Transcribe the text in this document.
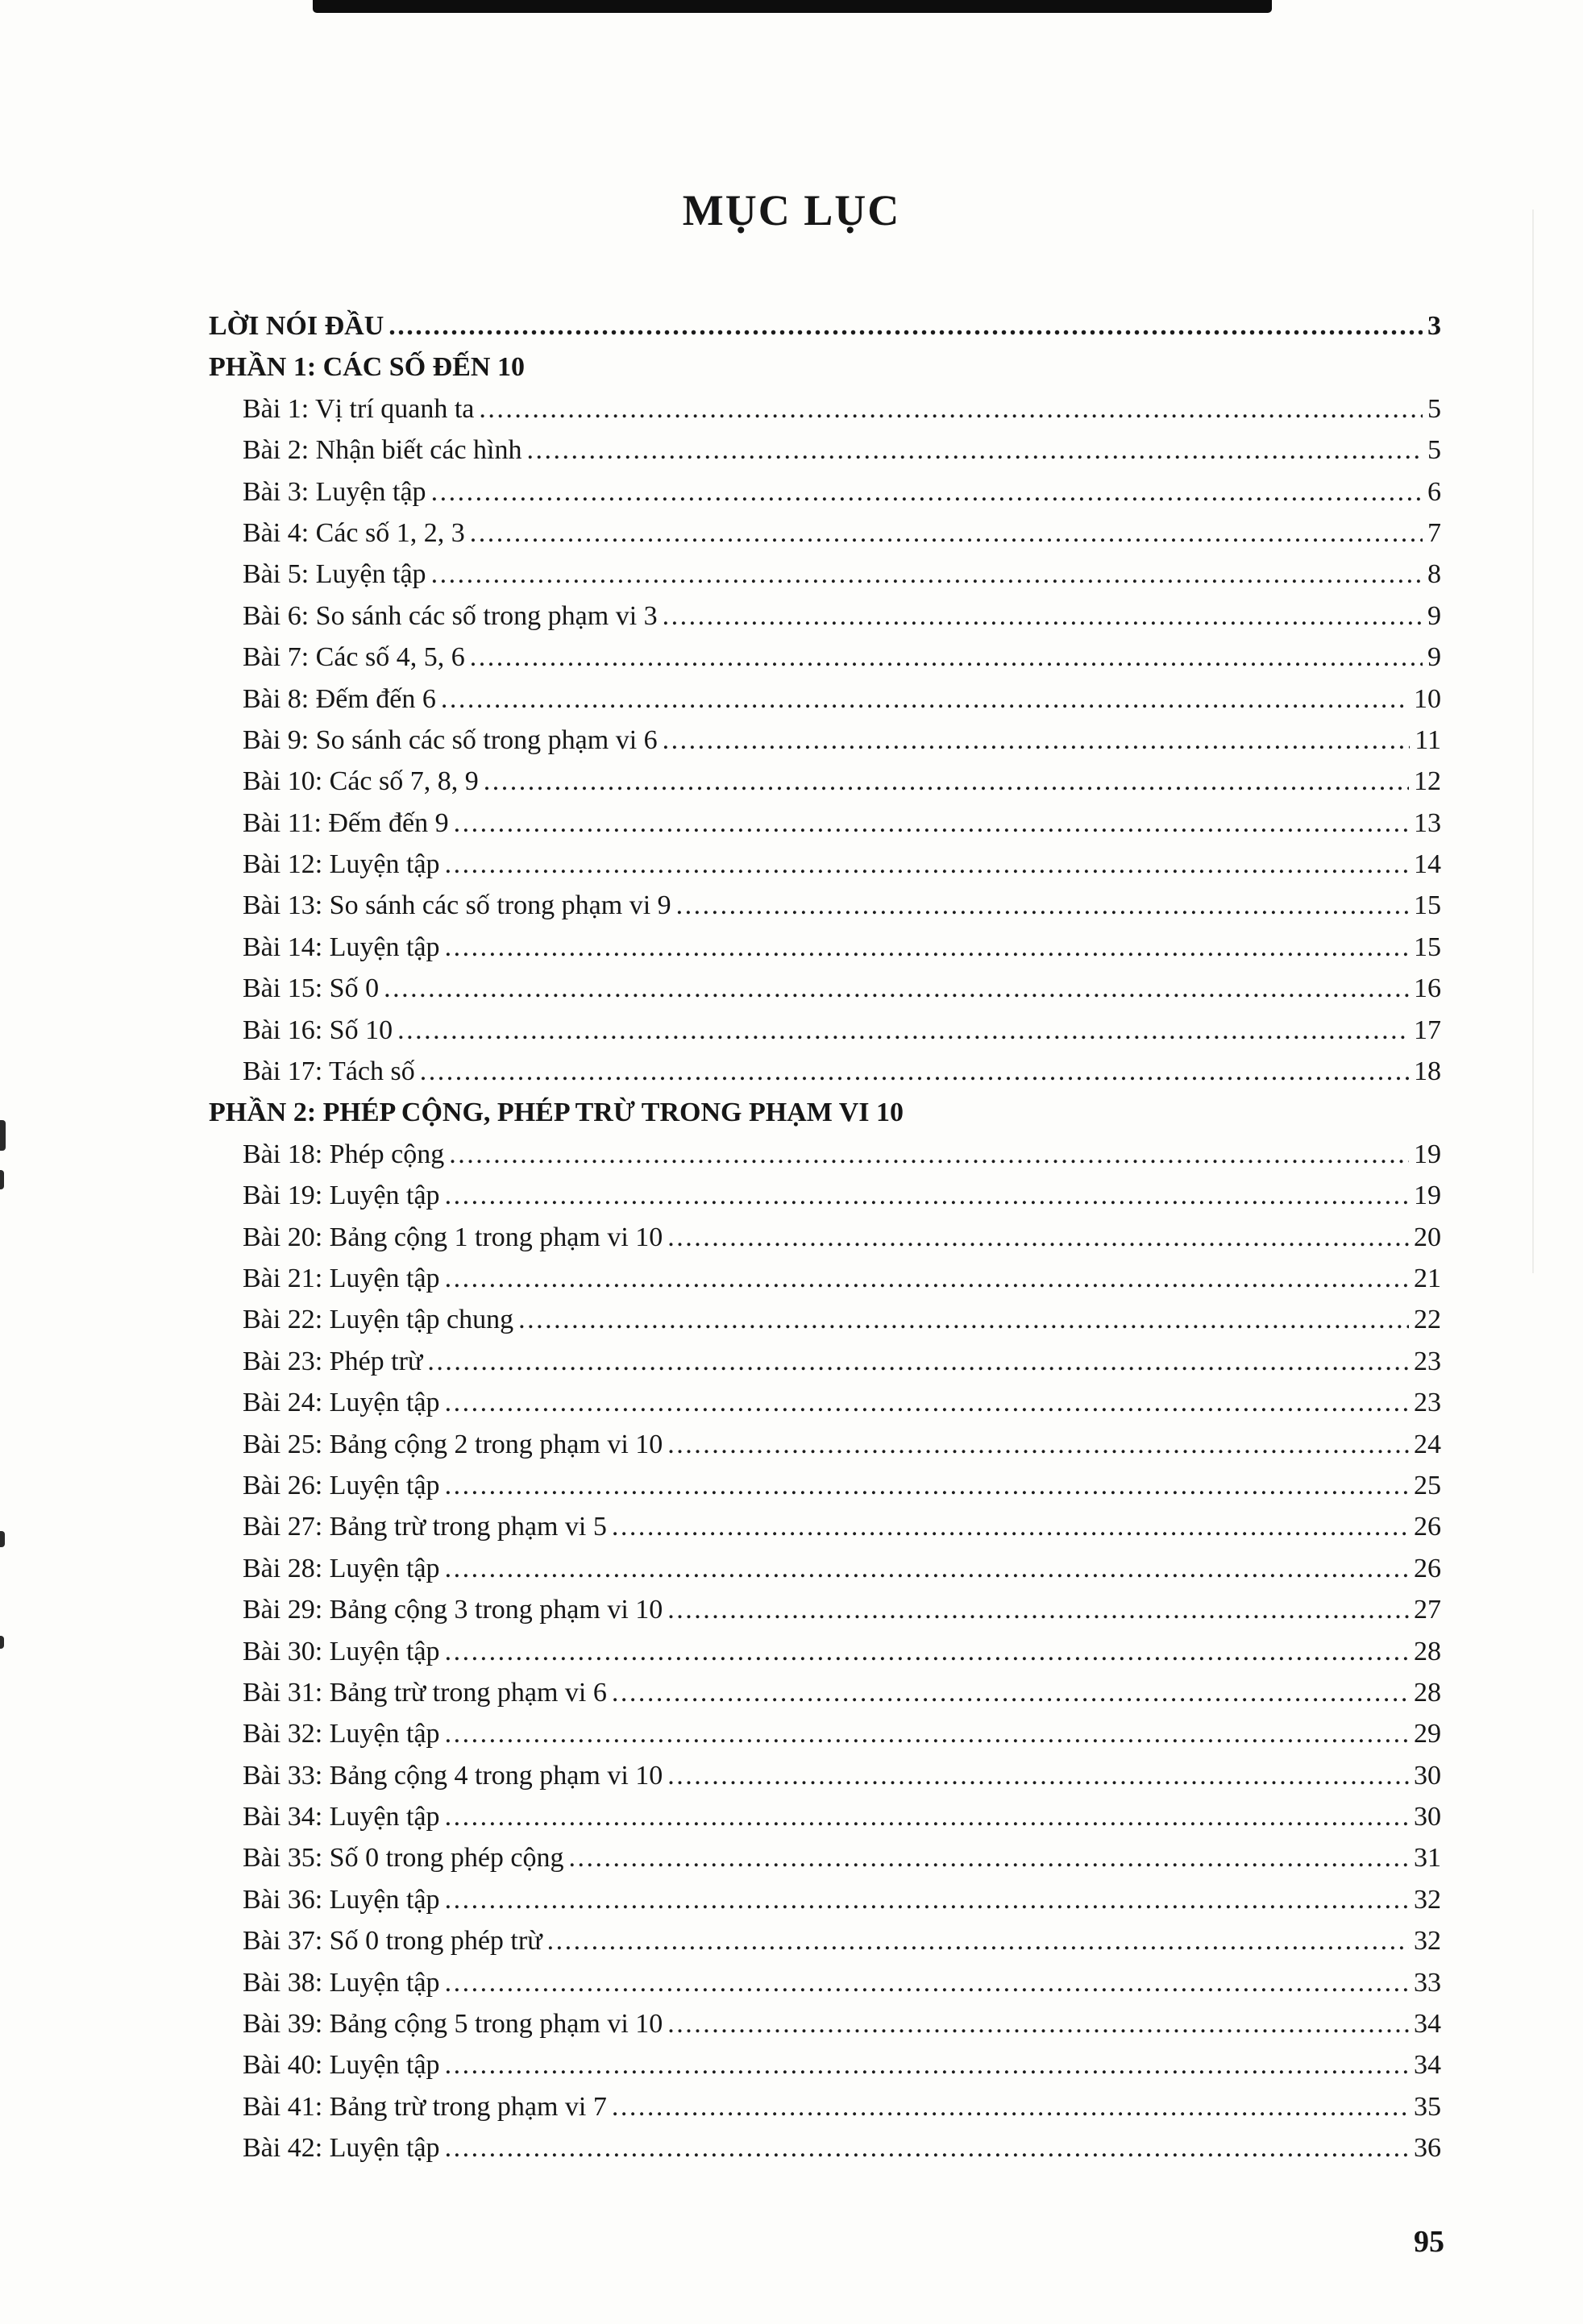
MỤC LỤC
LỜI NÓI ĐẦU .....	3
PHẦN 1: CÁC SỐ ĐẾN 10
Bài 1: Vị trí quanh ta .....	5
Bài 2: Nhận biết các hình .....	5
Bài 3: Luyện tập .....	6
Bài 4: Các số 1, 2, 3 .....	7
Bài 5: Luyện tập .....	8
Bài 6: So sánh các số trong phạm vi 3 .....	9
Bài 7: Các số 4, 5, 6 .....	9
Bài 8: Đếm đến 6 .....	10
Bài 9: So sánh các số trong phạm vi 6 .....	11
Bài 10: Các số 7, 8, 9 .....	12
Bài 11: Đếm đến 9 .....	13
Bài 12: Luyện tập .....	14
Bài 13: So sánh các số trong phạm vi 9 .....	15
Bài 14: Luyện tập .....	15
Bài 15: Số 0 .....	16
Bài 16: Số 10 .....	17
Bài 17: Tách số .....	18
PHẦN 2: PHÉP CỘNG, PHÉP TRỪ TRONG PHẠM VI 10
Bài 18: Phép cộng .....	19
Bài 19: Luyện tập .....	19
Bài 20: Bảng cộng 1 trong phạm vi 10 .....	20
Bài 21: Luyện tập .....	21
Bài 22: Luyện tập chung .....	22
Bài 23: Phép trừ .....	23
Bài 24: Luyện tập .....	23
Bài 25: Bảng cộng 2 trong phạm vi 10 .....	24
Bài 26: Luyện tập .....	25
Bài 27: Bảng trừ trong phạm vi 5 .....	26
Bài 28: Luyện tập .....	26
Bài 29: Bảng cộng 3 trong phạm vi 10 .....	27
Bài 30: Luyện tập .....	28
Bài 31: Bảng trừ trong phạm vi 6 .....	28
Bài 32: Luyện tập .....	29
Bài 33: Bảng cộng 4 trong phạm vi 10 .....	30
Bài 34: Luyện tập .....	30
Bài 35: Số 0 trong phép cộng .....	31
Bài 36: Luyện tập .....	32
Bài 37: Số 0 trong phép trừ .....	32
Bài 38: Luyện tập .....	33
Bài 39: Bảng cộng 5 trong phạm vi 10 .....	34
Bài 40: Luyện tập .....	34
Bài 41: Bảng trừ trong phạm vi 7 .....	35
Bài 42: Luyện tập .....	36
95
